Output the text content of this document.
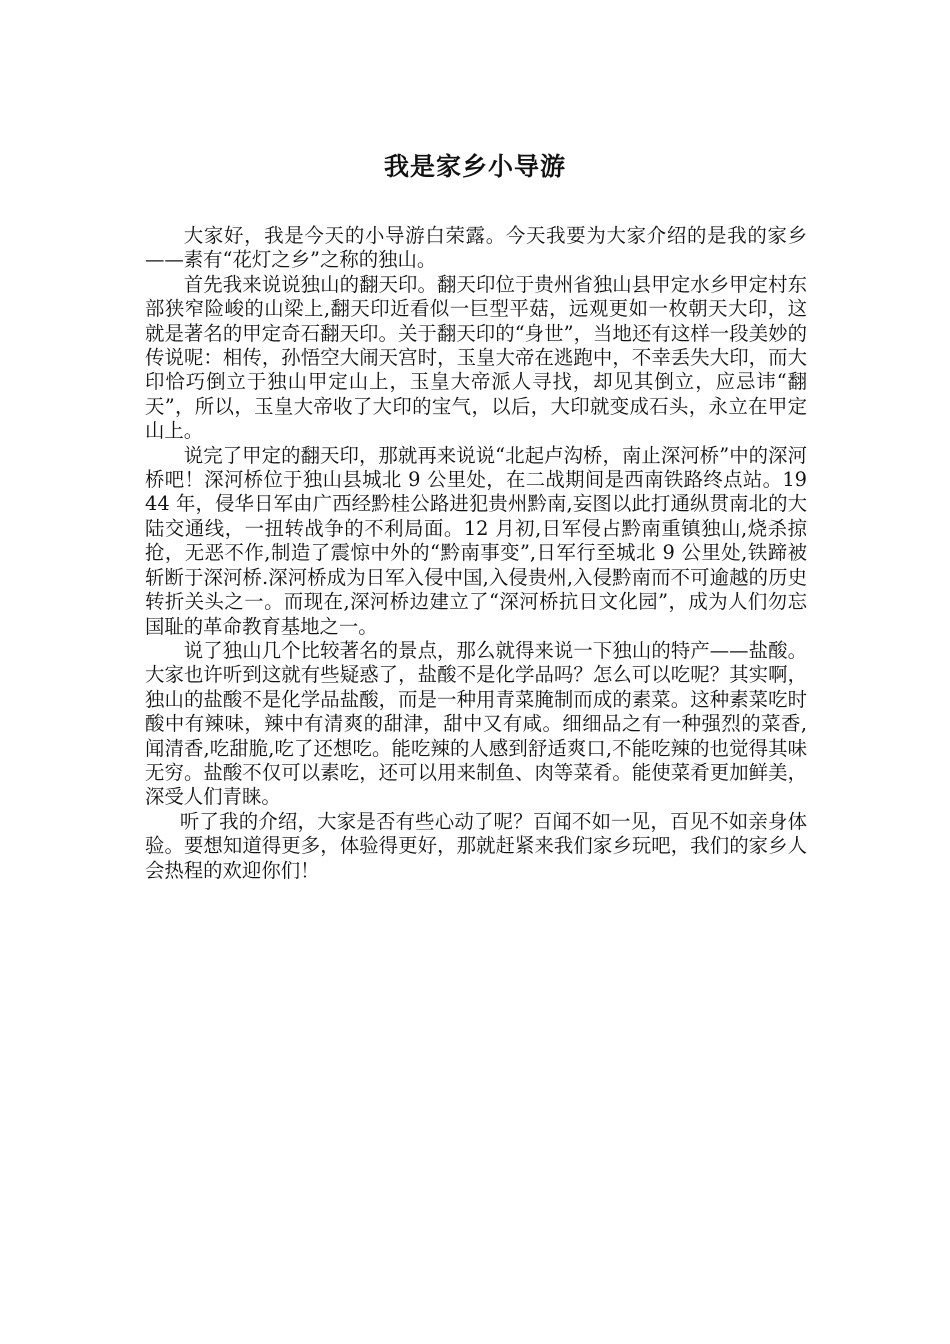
我是家乡小导游

大家好，我是今天的小导游白荣露。今天我要为大家介绍的是我的家乡——素有“花灯之乡”之称的独山。

首先我来说说独山的翻天印。翻天印位于贵州省独山县甲定水乡甲定村东部狭窄险峻的山梁上,翻天印近看似一巨型平菇，远观更如一枚朝天大印，这就是著名的甲定奇石翻天印。关于翻天印的“身世”，当地还有这样一段美妙的传说呢：相传，孙悟空大闹天宫时，玉皇大帝在逃跑中，不幸丢失大印，而大印恰巧倒立于独山甲定山上，玉皇大帝派人寻找，却见其倒立，应忌讳“翻天”，所以，玉皇大帝收了大印的宝气，以后，大印就变成石头，永立在甲定山上。

说完了甲定的翻天印，那就再来说说“北起卢沟桥，南止深河桥”中的深河桥吧！深河桥位于独山县城北 9 公里处，在二战期间是西南铁路终点站。1944 年，侵华日军由广西经黔桂公路进犯贵州黔南,妄图以此打通纵贯南北的大陆交通线，一扭转战争的不利局面。12 月初,日军侵占黔南重镇独山,烧杀掠抢，无恶不作,制造了震惊中外的“黔南事变”,日军行至城北 9 公里处,铁蹄被斩断于深河桥.深河桥成为日军入侵中国,入侵贵州,入侵黔南而不可逾越的历史转折关头之一。而现在,深河桥边建立了“深河桥抗日文化园”，成为人们勿忘国耻的革命教育基地之一。

说了独山几个比较著名的景点，那么就得来说一下独山的特产——盐酸。大家也许听到这就有些疑惑了，盐酸不是化学品吗？怎么可以吃呢？其实啊，独山的盐酸不是化学品盐酸，而是一种用青菜腌制而成的素菜。这种素菜吃时酸中有辣味，辣中有清爽的甜津，甜中又有咸。细细品之有一种强烈的菜香,闻清香,吃甜脆,吃了还想吃。能吃辣的人感到舒适爽口,不能吃辣的也觉得其味无穷。盐酸不仅可以素吃，还可以用来制鱼、肉等菜肴。能使菜肴更加鲜美，深受人们青睐。

听了我的介绍，大家是否有些心动了呢？百闻不如一见，百见不如亲身体验。要想知道得更多，体验得更好，那就赶紧来我们家乡玩吧，我们的家乡人会热程的欢迎你们！
